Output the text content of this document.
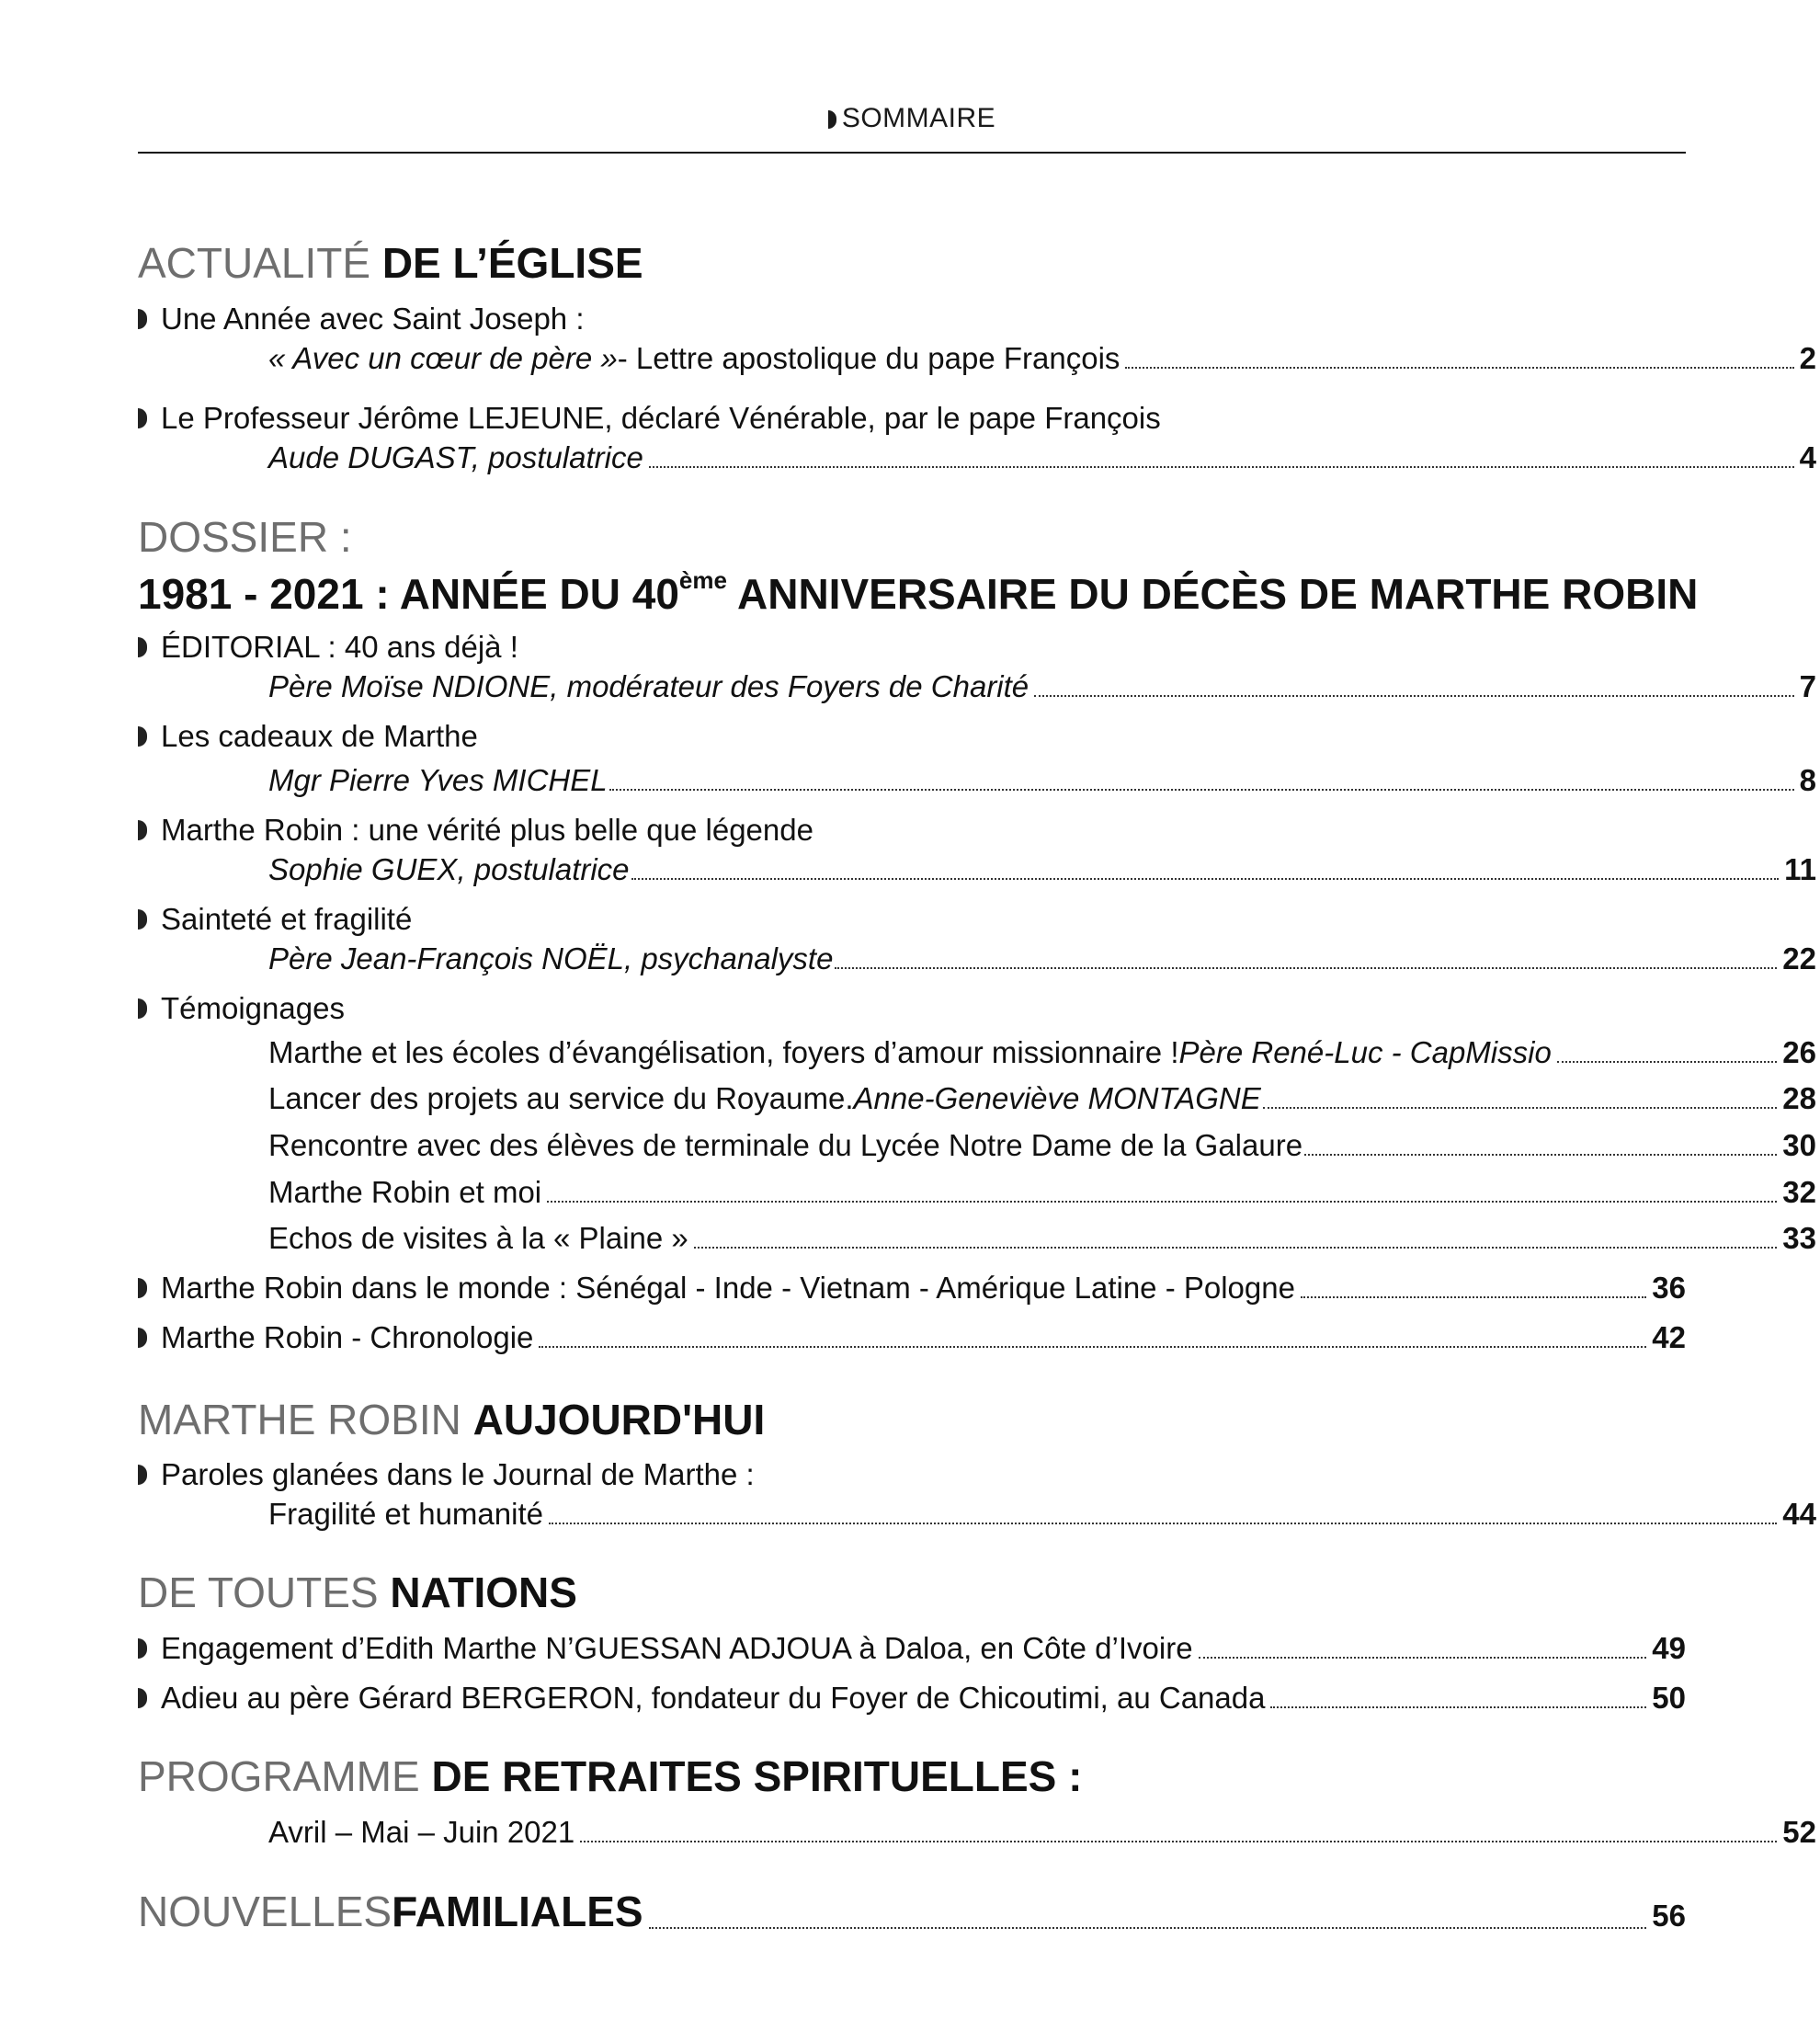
SOMMAIRE
ACTUALITÉ DE L’ÉGLISE
Une Année avec Saint Joseph :
« Avec un cœur de père » - Lettre apostolique du pape François	2
Le Professeur Jérôme LEJEUNE, déclaré Vénérable, par le pape François
Aude DUGAST, postulatrice	4
DOSSIER :
1981 - 2021 : ANNÉE DU 40ème ANNIVERSAIRE DU DÉCÈS DE MARTHE ROBIN
ÉDITORIAL : 40 ans déjà !
Père Moïse NDIONE, modérateur des Foyers de Charité	7
Les cadeaux de Marthe
Mgr Pierre Yves MICHEL	8
Marthe Robin : une vérité plus belle que légende
Sophie GUEX, postulatrice	11
Sainteté et fragilité
Père Jean-François NOËL, psychanalyste	22
Témoignages
Marthe et les écoles d’évangélisation, foyers d’amour missionnaire ! Père René-Luc - CapMissio	26
Lancer des projets au service du Royaume. Anne-Geneviève MONTAGNE	28
Rencontre avec des élèves de terminale du Lycée Notre Dame de la Galaure	30
Marthe Robin et moi	32
Echos de visites à la « Plaine »	33
Marthe Robin dans le monde : Sénégal - Inde - Vietnam - Amérique Latine - Pologne	36
Marthe Robin - Chronologie	42
MARTHE ROBIN AUJOURD'HUI
Paroles glanées dans le Journal de Marthe :
Fragilité et humanité	44
DE TOUTES NATIONS
Engagement d’Edith Marthe N’GUESSAN ADJOUA à Daloa, en Côte d’Ivoire	49
Adieu au père Gérard BERGERON, fondateur du Foyer de Chicoutimi, au Canada	50
PROGRAMME DE RETRAITES SPIRITUELLES :
Avril – Mai – Juin 2021	52
NOUVELLES FAMILIALES	56
